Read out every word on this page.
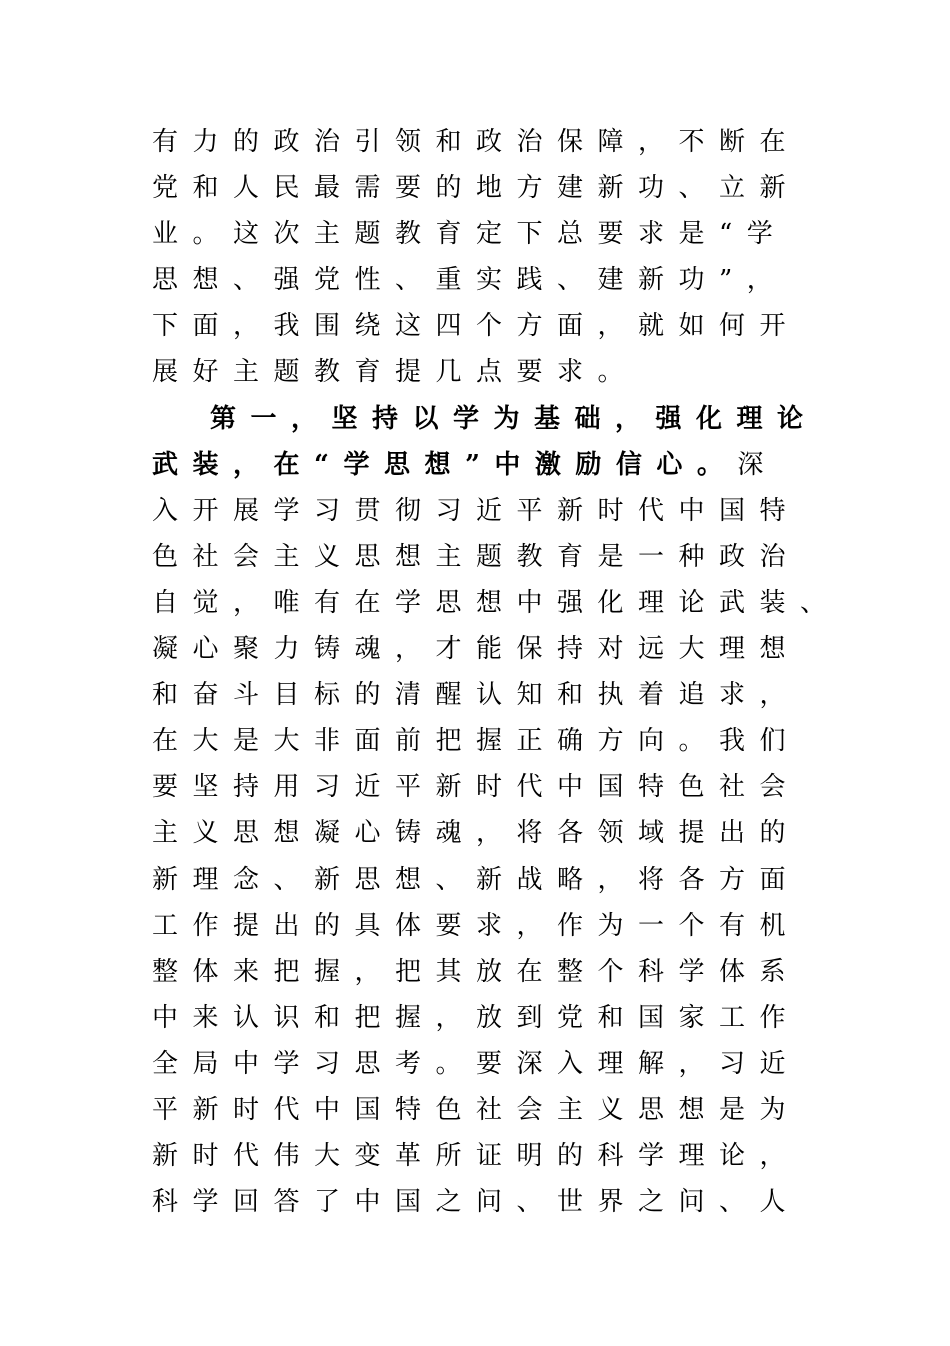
有力的政治引领和政治保障，不断在
党和人民最需要的地方建新功、立新
业。这次主题教育定下总要求是“学
思想、强党性、重实践、建新功”，
下面，我围绕这四个方面，就如何开
展好主题教育提几点要求。
第一，坚持以学为基础，强化理论
武装，在“学思想”中激励信心。深
入开展学习贯彻习近平新时代中国特
色社会主义思想主题教育是一种政治
自觉，唯有在学思想中强化理论武装、
凝心聚力铸魂，才能保持对远大理想
和奋斗目标的清醒认知和执着追求，
在大是大非面前把握正确方向。我们
要坚持用习近平新时代中国特色社会
主义思想凝心铸魂，将各领域提出的
新理念、新思想、新战略，将各方面
工作提出的具体要求，作为一个有机
整体来把握，把其放在整个科学体系
中来认识和把握，放到党和国家工作
全局中学习思考。要深入理解，习近
平新时代中国特色社会主义思想是为
新时代伟大变革所证明的科学理论，
科学回答了中国之问、世界之问、人
